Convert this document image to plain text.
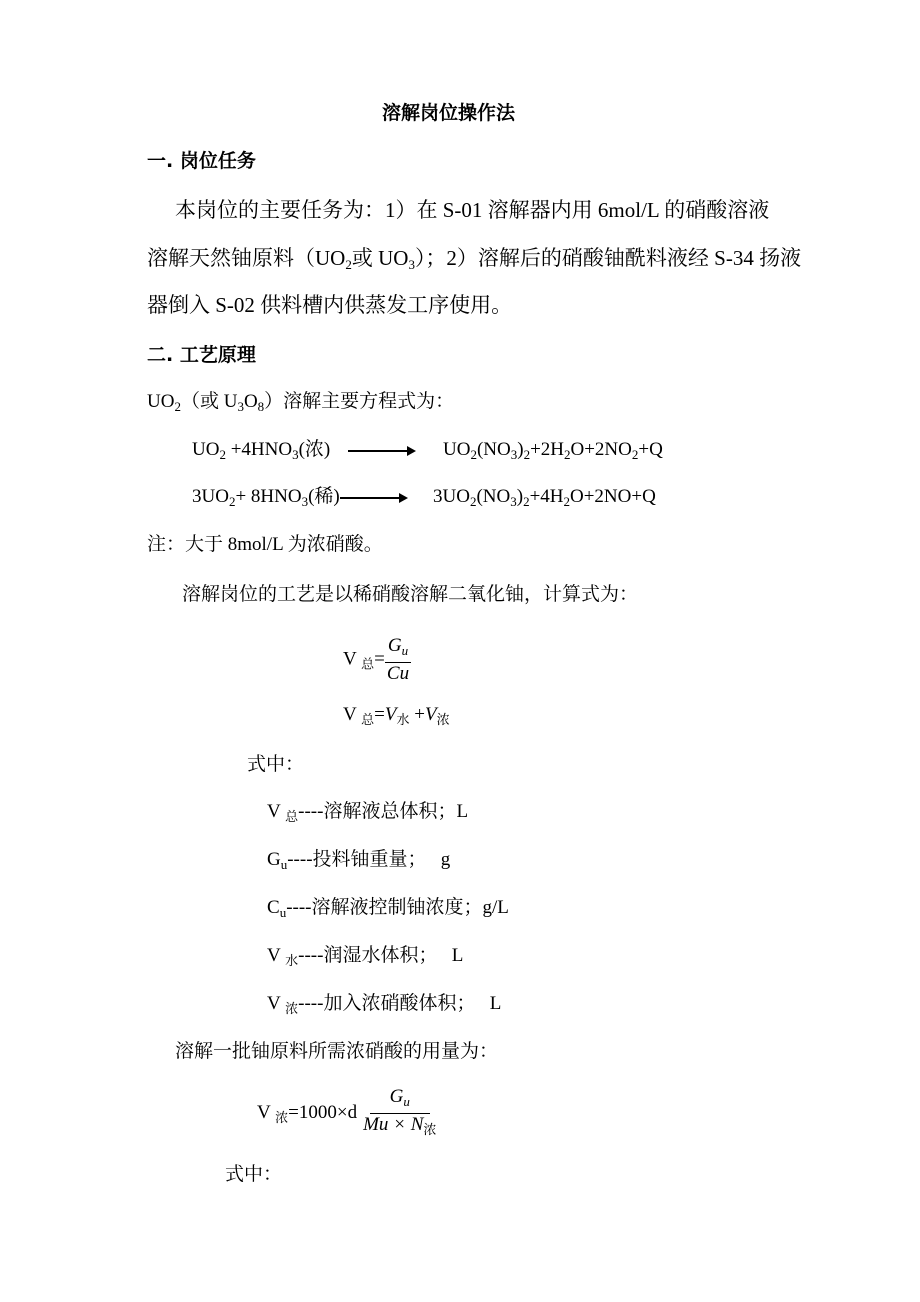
溶解岗位操作法
一. 岗位任务
本岗位的主要任务为：1）在 S-01 溶解器内用 6mol/L 的硝酸溶液
溶解天然铀原料（$UO_2$或 $UO_3$）；2）溶解后的硝酸铀酰料液经 S-34 扬液
器倒入 S-02 供料槽内供蒸发工序使用。
二. 工艺原理
$UO_2$（或 $U_3O_8$）溶解主要方程式为：
$UO_2 +4HNO_3$(浓)	$UO_2(NO_3)_2+2H_2O+2NO_2+Q$
$3UO_2+ 8HNO_3$(稀)	$3UO_2(NO_3)_2+4H_2O+2NO+Q$
注：大于 8mol/L 为浓硝酸。
溶解岗位的工艺是以稀硝酸溶解二氧化铀，计算式为：
V $_总= \frac{G_u}{Cu}$
V $_总=V_水 +V_浓$
式中：
V $_总$----溶解液总体积；L
$G_u----$投料铀重量；　 g
$C_u----$溶解液控制铀浓度；g/L
V $_水$----润湿水体积；　 L
V $_浓$----加入浓硝酸体积；　 L
溶解一批铀原料所需浓硝酸的用量为：
V $_浓=1000\times d \frac{G_u}{Mu \times N_浓}$
式中：
